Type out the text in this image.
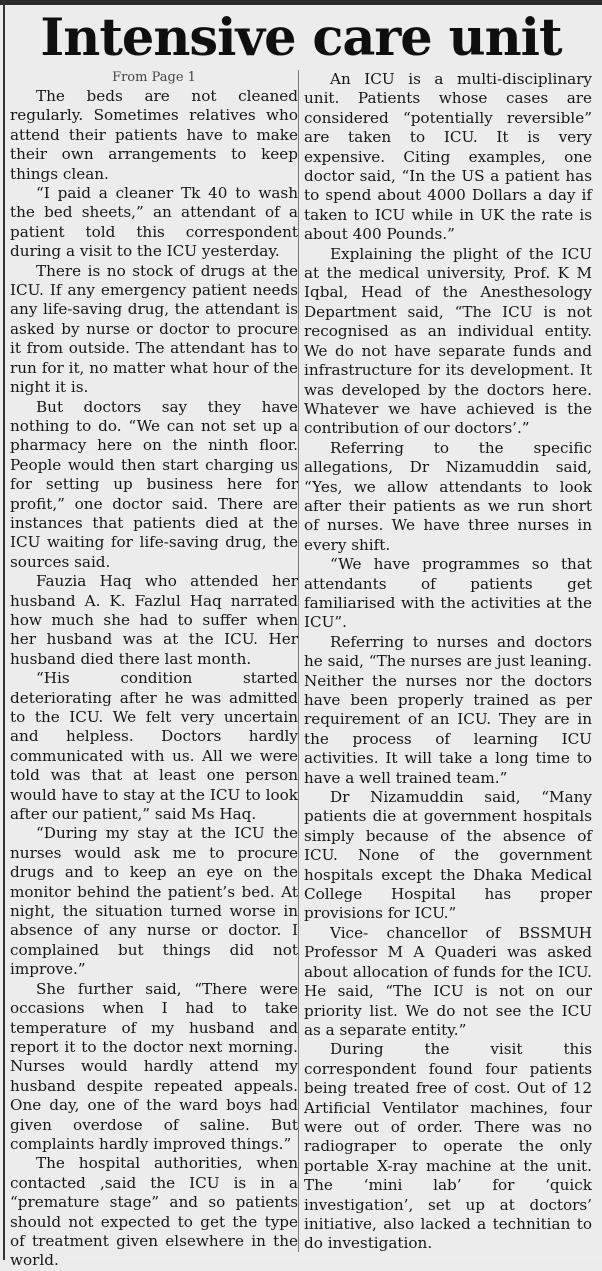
Intensive care unit

From Page 1

The beds are not cleaned regularly. Sometimes relatives who attend their patients have to make their own arrangements to keep things clean.

“I paid a cleaner Tk 40 to wash the bed sheets,” an attendant of a patient told this correspondent during a visit to the ICU yesterday.

There is no stock of drugs at the ICU. If any emergency patient needs any life-saving drug, the attendant is asked by nurse or doctor to procure it from outside. The attendant has to run for it, no matter what hour of the night it is.

But doctors say they have nothing to do. “We can not set up a pharmacy here on the ninth floor. People would then start charging us for setting up business here for profit,” one doctor said. There are instances that patients died at the ICU waiting for life-saving drug, the sources said.

Fauzia Haq who attended her husband A. K. Fazlul Haq narrated how much she had to suffer when her husband was at the ICU. Her husband died there last month.

“His condition started deteriorating after he was admitted to the ICU. We felt very uncertain and helpless. Doctors hardly communicated with us. All we were told was that at least one person would have to stay at the ICU to look after our patient,” said Ms Haq.

“During my stay at the ICU the nurses would ask me to procure drugs and to keep an eye on the monitor behind the patient’s bed. At night, the situation turned worse in absence of any nurse or doctor. I complained but things did not improve.”

She further said, “There were occasions when I had to take temperature of my husband and report it to the doctor next morning. Nurses would hardly attend my husband despite repeated appeals. One day, one of the ward boys had given overdose of saline. But complaints hardly improved things.”

The hospital authorities, when contacted ,said the ICU is in a “premature stage” and so patients should not expected to get the type of treatment given elsewhere in the world.

An ICU is a multi-disciplinary unit. Patients whose cases are considered “potentially reversible” are taken to ICU. It is very expensive. Citing examples, one doctor said, “In the US a patient has to spend about 4000 Dollars a day if taken to ICU while in UK the rate is about 400 Pounds.”

Explaining the plight of the ICU at the medical university, Prof. K M Iqbal, Head of the Anesthesology Department said, “The ICU is not recognised as an individual entity. We do not have separate funds and infrastructure for its development. It was developed by the doctors here. Whatever we have achieved is the contribution of our doctors’.”

Referring to the specific allegations, Dr Nizamuddin said, “Yes, we allow attendants to look after their patients as we run short of nurses. We have three nurses in every shift.

“We have programmes so that attendants of patients get familiarised with the activities at the ICU”.

Referring to nurses and doctors he said, “The nurses are just leaning. Neither the nurses nor the doctors have been properly trained as per requirement of an ICU. They are in the process of learning ICU activities. It will take a long time to have a well trained team.”

Dr Nizamuddin said, “Many patients die at government hospitals simply because of the absence of ICU. None of the government hospitals except the Dhaka Medical College Hospital has proper provisions for ICU.”

Vice- chancellor of BSSMUH Professor M A Quaderi was asked about allocation of funds for the ICU. He said, “The ICU is not on our priority list. We do not see the ICU as a separate entity.”

During the visit this correspondent found four patients being treated free of cost. Out of 12 Artificial Ventilator machines, four were out of order. There was no radiograper to operate the only portable X-ray machine at the unit. The ‘mini lab’ for ‘quick investigation’, set up at doctors’ initiative, also lacked a technitian to do investigation.
